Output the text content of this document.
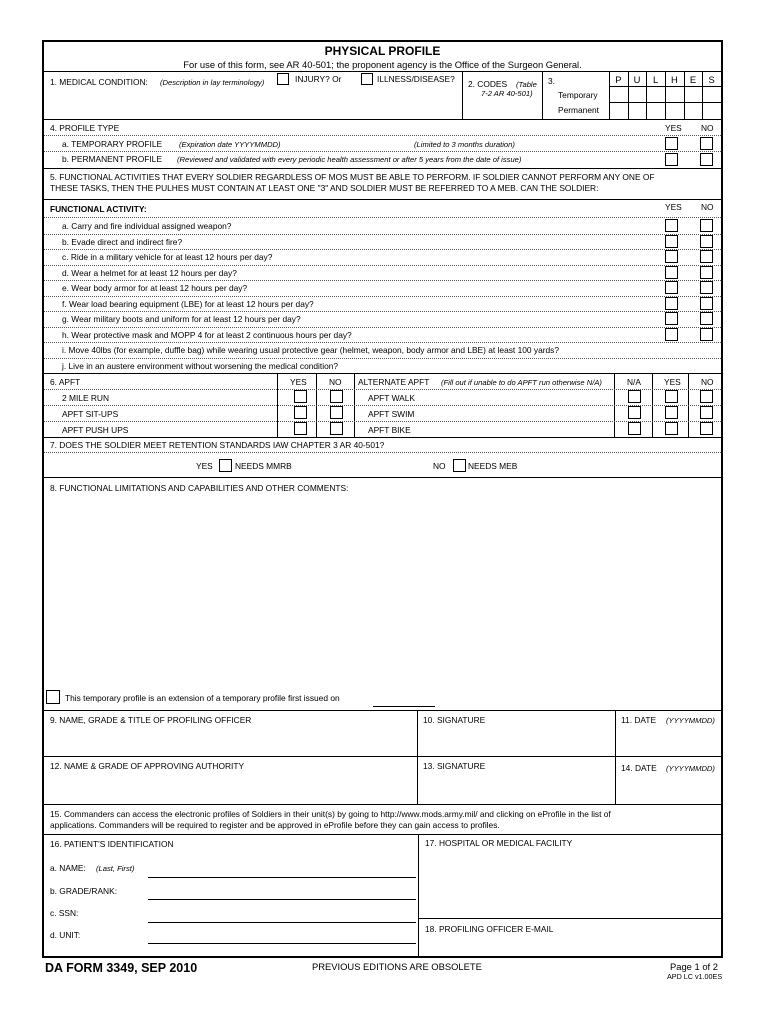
PHYSICAL PROFILE
For use of this form, see AR 40-501; the proponent agency is the Office of the Surgeon General.
1. MEDICAL CONDITION: (Description in lay terminology)	INJURY? Or	ILLNESS/DISEASE? 2. CODES (Table
7-2 AR 40-501)
3.
Temporary
Permanent
P	U	L	H	E	S
4. PROFILE TYPE	YES NO
a. TEMPORARY PROFILE (Expiration date YYYYMMDD)	(Limited to 3 months duration)
b. PERMANENT PROFILE (Reviewed and validated with every periodic health assessment or after 5 years from the date of issue)
5. FUNCTIONAL ACTIVITIES THAT EVERY SOLDIER REGARDLESS OF MOS MUST BE ABLE TO PERFORM. IF SOLDIER CANNOT PERFORM ANY ONE OF
THESE TASKS, THEN THE PULHES MUST CONTAIN AT LEAST ONE "3" AND SOLDIER MUST BE REFERRED TO A MEB. CAN THE SOLDIER:
FUNCTIONAL ACTIVITY:	YES NO
a. Carry and fire individual assigned weapon?
b. Evade direct and indirect fire?
c. Ride in a military vehicle for at least 12 hours per day?
d. Wear a helmet for at least 12 hours per day?
e. Wear body armor for at least 12 hours per day?
f. Wear load bearing equipment (LBE) for at least 12 hours per day?
g. Wear military boots and uniform for at least 12 hours per day?
h. Wear protective mask and MOPP 4 for at least 2 continuous hours per day?
i. Move 40lbs (for example, duffle bag) while wearing usual protective gear (helmet, weapon, body armor and LBE) at least 100 yards?
j. Live in an austere environment without worsening the medical condition?
6. APFT	YES	NO ALTERNATE APFT (Fill out if unable to do APFT run otherwise N/A)	N/A	YES NO
2 MILE RUN	APFT WALK
APFT SIT-UPS	APFT SWIM
APFT PUSH UPS	APFT BIKE
7. DOES THE SOLDIER MEET RETENTION STANDARDS IAW CHAPTER 3 AR 40-501?
YES	NEEDS MMRB	NO	NEEDS MEB
8. FUNCTIONAL LIMITATIONS AND CAPABILITIES AND OTHER COMMENTS:
This temporary profile is an extension of a temporary profile first issued on
9. NAME, GRADE & TITLE OF PROFILING OFFICER	10. SIGNATURE	11. DATE (YYYYMMDD)
12. NAME & GRADE OF APPROVING AUTHORITY	13. SIGNATURE	14. DATE (YYYYMMDD)
15. Commanders can access the electronic profiles of Soldiers in their unit(s) by going to http://www.mods.army.mil/ and clicking on eProfile in the list of
applications. Commanders will be required to register and be approved in eProfile before they can gain access to profiles.
16. PATIENT'S IDENTIFICATION
a. NAME: (Last, First)
b. GRADE/RANK:
c. SSN:
d. UNIT:
17. HOSPITAL OR MEDICAL FACILITY
18. PROFILING OFFICER E-MAIL
DA FORM 3349, SEP 2010	PREVIOUS EDITIONS ARE OBSOLETE	Page 1 of 2
APD LC v1.00ES
